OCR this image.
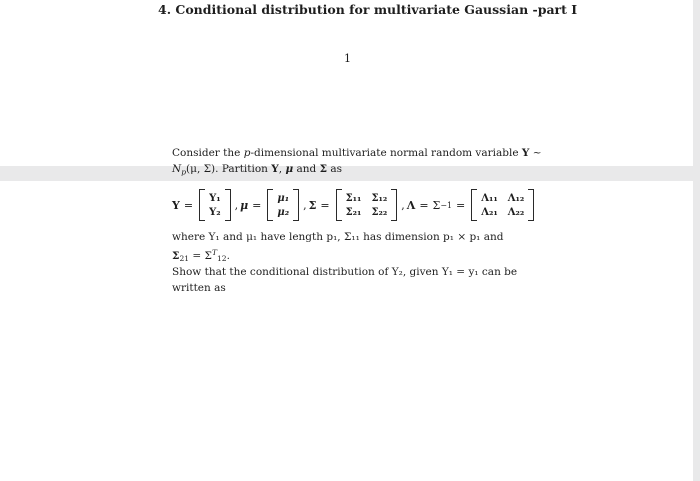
4. Conditional distribution for multivariate Gaussian -part I
1
Consider the p-dimensional multivariate normal random variable Y ~
$N_p(\mu$, Σ). Partition Y, μ and Σ as
Y =
Y₁
Y₂
, μ =
μ₁
μ₂
, Σ =
Σ₁₁ Σ₁₂
Σ₂₁ Σ₂₂
, Λ = Σ −1 =
Λ₁₁ Λ₁₂
Λ₂₁ Λ₂₂
where Y₁ and μ₁ have length p₁, Σ₁₁ has dimension p₁ × p₁ and
$\Sigma_{21} = \Sigma^T_{12}$.
Show that the conditional distribution of Y₂, given Y₁ = y₁ can be
written as
